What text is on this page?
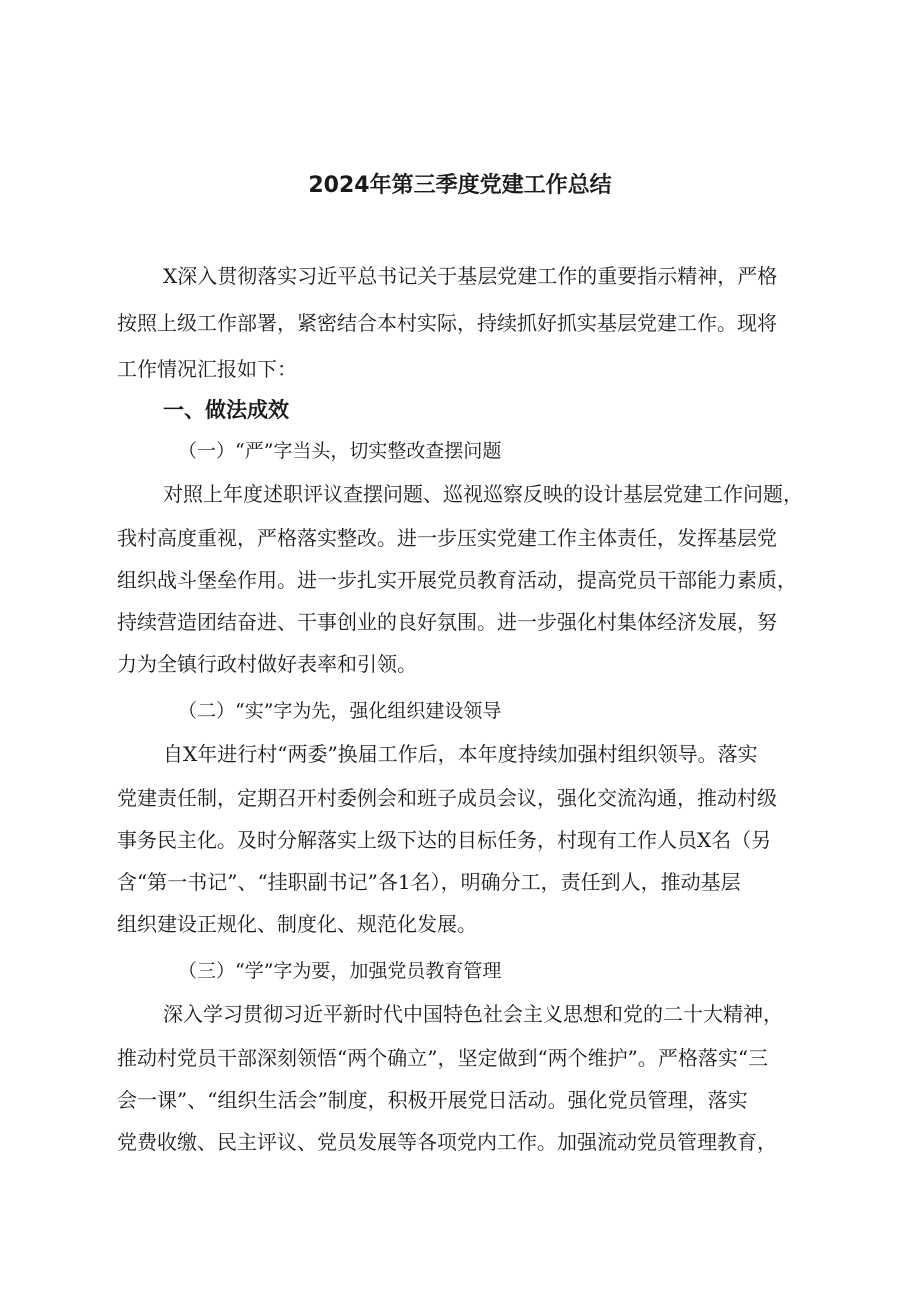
2024年第三季度党建工作总结
X深入贯彻落实习近平总书记关于基层党建工作的重要指示精神，严格
按照上级工作部署，紧密结合本村实际，持续抓好抓实基层党建工作。现将
工作情况汇报如下：
一、做法成效
（一）“严”字当头，切实整改查摆问题
对照上年度述职评议查摆问题、巡视巡察反映的设计基层党建工作问题，
我村高度重视，严格落实整改。进一步压实党建工作主体责任，发挥基层党
组织战斗堡垒作用。进一步扎实开展党员教育活动，提高党员干部能力素质，
持续营造团结奋进、干事创业的良好氛围。进一步强化村集体经济发展，努
力为全镇行政村做好表率和引领。
（二）“实”字为先，强化组织建设领导
自X年进行村“两委”换届工作后，本年度持续加强村组织领导。落实
党建责任制，定期召开村委例会和班子成员会议，强化交流沟通，推动村级
事务民主化。及时分解落实上级下达的目标任务，村现有工作人员X名（另
含“第一书记”、“挂职副书记”各1名），明确分工，责任到人，推动基层
组织建设正规化、制度化、规范化发展。
（三）“学”字为要，加强党员教育管理
深入学习贯彻习近平新时代中国特色社会主义思想和党的二十大精神，
推动村党员干部深刻领悟“两个确立”，坚定做到“两个维护”。严格落实“三
会一课”、“组织生活会”制度，积极开展党日活动。强化党员管理，落实
党费收缴、民主评议、党员发展等各项党内工作。加强流动党员管理教育，
